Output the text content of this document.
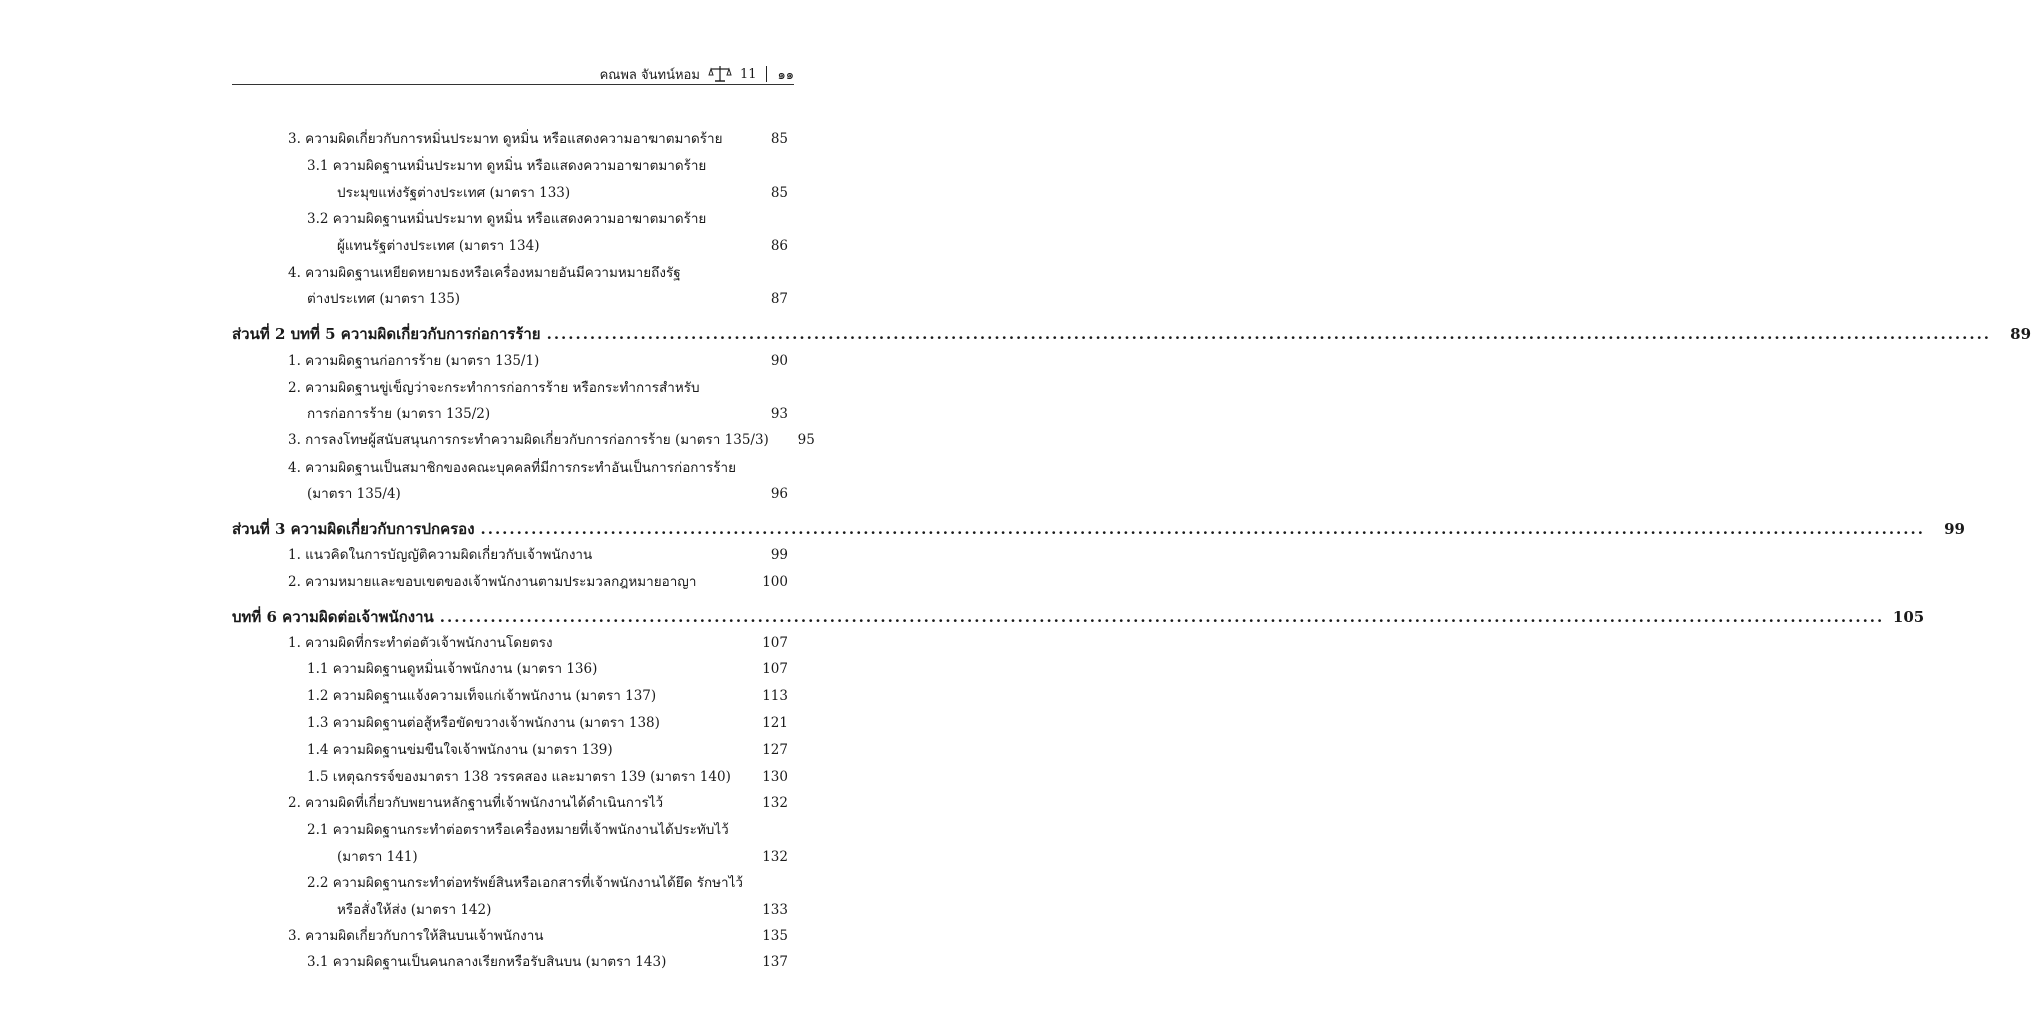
คณพล จันทน์หอม	11 ๑๑
3. ความผิดเกี่ยวกับการหมิ่นประมาท ดูหมิ่น หรือแสดงความอาฆาตมาดร้าย	85
3.1 ความผิดฐานหมิ่นประมาท ดูหมิ่น หรือแสดงความอาฆาตมาดร้าย
ประมุขแห่งรัฐต่างประเทศ (มาตรา 133)	85
3.2 ความผิดฐานหมิ่นประมาท ดูหมิ่น หรือแสดงความอาฆาตมาดร้าย
ผู้แทนรัฐต่างประเทศ (มาตรา 134)	86
4. ความผิดฐานเหยียดหยามธงหรือเครื่องหมายอันมีความหมายถึงรัฐ
ต่างประเทศ (มาตรา 135)	87
ส่วนที่ 2 บทที่ 5 ความผิดเกี่ยวกับการก่อการร้าย ........................................................................................................................................................................................................	89
1. ความผิดฐานก่อการร้าย (มาตรา 135/1)	90
2. ความผิดฐานขู่เข็ญว่าจะกระทำการก่อการร้าย หรือกระทำการสำหรับ
การก่อการร้าย (มาตรา 135/2)	93
3. การลงโทษผู้สนับสนุนการกระทำความผิดเกี่ยวกับการก่อการร้าย (มาตรา 135/3)	95
4. ความผิดฐานเป็นสมาชิกของคณะบุคคลที่มีการกระทำอันเป็นการก่อการร้าย
(มาตรา 135/4)	96
ส่วนที่ 3 ความผิดเกี่ยวกับการปกครอง ........................................................................................................................................................................................................	99
1. แนวคิดในการบัญญัติความผิดเกี่ยวกับเจ้าพนักงาน	99
2. ความหมายและขอบเขตของเจ้าพนักงานตามประมวลกฎหมายอาญา	100
บทที่ 6 ความผิดต่อเจ้าพนักงาน ........................................................................................................................................................................................................ 105
1. ความผิดที่กระทำต่อตัวเจ้าพนักงานโดยตรง	107
1.1 ความผิดฐานดูหมิ่นเจ้าพนักงาน (มาตรา 136)	107
1.2 ความผิดฐานแจ้งความเท็จแก่เจ้าพนักงาน (มาตรา 137)	113
1.3 ความผิดฐานต่อสู้หรือขัดขวางเจ้าพนักงาน (มาตรา 138)	121
1.4 ความผิดฐานข่มขืนใจเจ้าพนักงาน (มาตรา 139)	127
1.5 เหตุฉกรรจ์ของมาตรา 138 วรรคสอง และมาตรา 139 (มาตรา 140)	130
2. ความผิดที่เกี่ยวกับพยานหลักฐานที่เจ้าพนักงานได้ดำเนินการไว้	132
2.1 ความผิดฐานกระทำต่อตราหรือเครื่องหมายที่เจ้าพนักงานได้ประทับไว้
(มาตรา 141)	132
2.2 ความผิดฐานกระทำต่อทรัพย์สินหรือเอกสารที่เจ้าพนักงานได้ยึด รักษาไว้
หรือสั่งให้ส่ง (มาตรา 142)	133
3. ความผิดเกี่ยวกับการให้สินบนเจ้าพนักงาน	135
3.1 ความผิดฐานเป็นคนกลางเรียกหรือรับสินบน (มาตรา 143)	137
